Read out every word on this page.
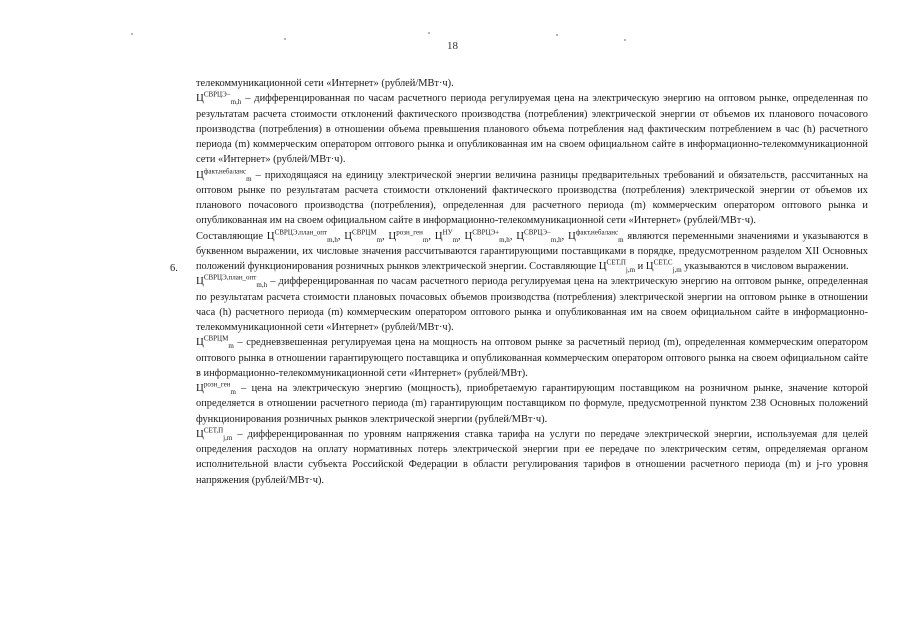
18
6.

телекоммуникационной сети «Интернет» (рублей/МВт·ч).

$Ц^{СВРЦЭ-}_{m,h}$ – дифференцированная по часам расчетного периода регулируемая цена на электрическую энергию на оптовом рынке, определенная по результатам расчета стоимости отклонений фактического производства (потребления) электрической энергии от объемов их планового почасового производства (потребления) в отношении объема превышения планового объема потребления над фактическим потреблением в час (h) расчетного периода (m) коммерческим оператором оптового рынка и опубликованная им на своем официальном сайте в информационно-телекоммуникационной сети «Интернет» (рублей/МВт·ч).

$Ц^{факт,небаланс}_m$ – приходящаяся на единицу электрической энергии величина разницы предварительных требований и обязательств, рассчитанных на оптовом рынке по результатам расчета стоимости отклонений фактического производства (потребления) электрической энергии от объемов их планового почасового производства (потребления), определенная для расчетного периода (m) коммерческим оператором оптового рынка и опубликованная им на своем официальном сайте в информационно-телекоммуникационной сети «Интернет» (рублей/МВт·ч).

Составляющие $Ц^{СВРЦЭ,план\_опт}_{m,h}$, $Ц^{СВРЦМ}_m$, $Ц^{розн\_ген}_m$, $Ц^{НУ}_m$, $Ц^{СВРЦЭ+}_{m,h}$, $Ц^{СВРЦЭ-}_{m,h}$, $Ц^{факт,небаланс}_m$ являются переменными значениями и указываются в буквенном выражении, их числовые значения рассчитываются гарантирующими поставщиками в порядке, предусмотренном разделом XII Основных положений функционирования розничных рынков электрической энергии. Составляющие $Ц^{СЕТ,П}_{j,m}$ и $Ц^{СЕТ,С}_{j,m}$ указываются в числовом выражении.

$Ц^{СВРЦЭ,план\_опт}_{m,h}$ – дифференцированная по часам расчетного периода регулируемая цена на электрическую энергию на оптовом рынке, определенная по результатам расчета стоимости плановых почасовых объемов производства (потребления) электрической энергии на оптовом рынке в отношении часа (h) расчетного периода (m) коммерческим оператором оптового рынка и опубликованная им на своем официальном сайте в информационно-телекоммуникационной сети «Интернет» (рублей/МВт·ч).

$Ц^{СВРЦМ}_m$ – средневзвешенная регулируемая цена на мощность на оптовом рынке за расчетный период (m), определенная коммерческим оператором оптового рынка в отношении гарантирующего поставщика и опубликованная коммерческим оператором оптового рынка на своем официальном сайте в информационно-телекоммуникационной сети «Интернет» (рублей/МВт).

$Ц^{розн\_ген}_m$ – цена на электрическую энергию (мощность), приобретаемую гарантирующим поставщиком на розничном рынке, значение которой определяется в отношении расчетного периода (m) гарантирующим поставщиком по формуле, предусмотренной пунктом 238 Основных положений функционирования розничных рынков электрической энергии (рублей/МВт·ч).

$Ц^{СЕТ,П}_{j,m}$ – дифференцированная по уровням напряжения ставка тарифа на услуги по передаче электрической энергии, используемая для целей определения расходов на оплату нормативных потерь электрической энергии при ее передаче по электрическим сетям, определяемая органом исполнительной власти субъекта Российской Федерации в области регулирования тарифов в отношении расчетного периода (m) и j-го уровня напряжения (рублей/МВт·ч).
